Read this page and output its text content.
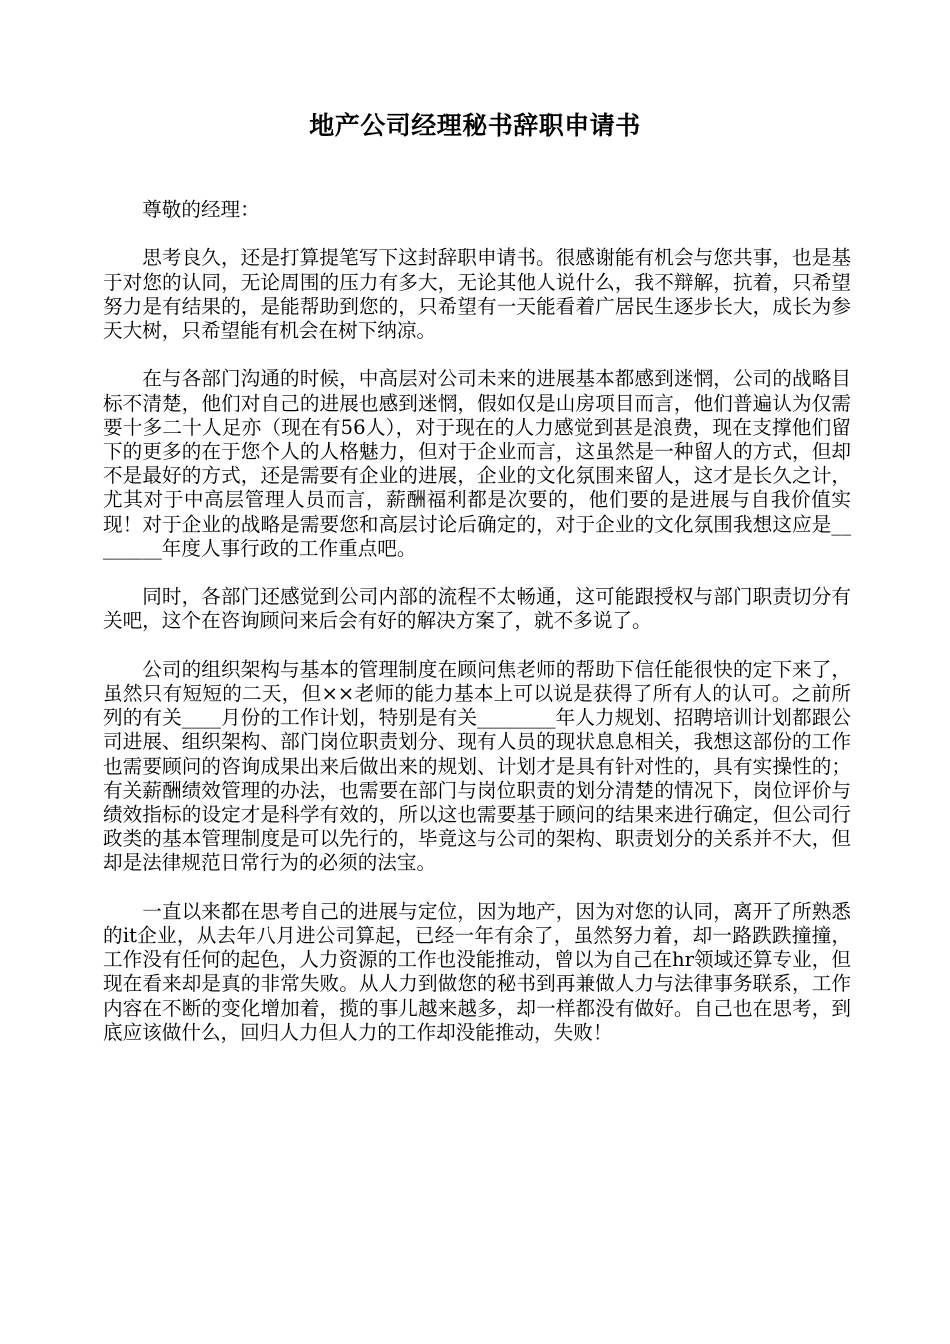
地产公司经理秘书辞职申请书

尊敬的经理：

思考良久，还是打算提笔写下这封辞职申请书。很感谢能有机会与您共事，也是基于对您的认同，无论周围的压力有多大，无论其他人说什么，我不辩解，抗着，只希望努力是有结果的，是能帮助到您的，只希望有一天能看着广居民生逐步长大，成长为参天大树，只希望能有机会在树下纳凉。

在与各部门沟通的时候，中高层对公司未来的进展基本都感到迷惘，公司的战略目标不清楚，他们对自己的进展也感到迷惘，假如仅是山房项目而言，他们普遍认为仅需要十多二十人足亦（现在有56人），对于现在的人力感觉到甚是浪费，现在支撑他们留下的更多的在于您个人的人格魅力，但对于企业而言，这虽然是一种留人的方式，但却不是最好的方式，还是需要有企业的进展，企业的文化氛围来留人，这才是长久之计，尤其对于中高层管理人员而言，薪酬福利都是次要的，他们要的是进展与自我价值实现！对于企业的战略是需要您和高层讨论后确定的，对于企业的文化氛围我想这应是________年度人事行政的工作重点吧。

同时，各部门还感觉到公司内部的流程不太畅通，这可能跟授权与部门职责切分有关吧，这个在咨询顾问来后会有好的解决方案了，就不多说了。

公司的组织架构与基本的管理制度在顾问焦老师的帮助下信任能很快的定下来了，虽然只有短短的二天，但××老师的能力基本上可以说是获得了所有人的认可。之前所列的有关____月份的工作计划，特别是有关________年人力规划、招聘培训计划都跟公司进展、组织架构、部门岗位职责划分、现有人员的现状息息相关，我想这部份的工作也需要顾问的咨询成果出来后做出来的规划、计划才是具有针对性的，具有实操性的；有关薪酬绩效管理的办法，也需要在部门与岗位职责的划分清楚的情况下，岗位评价与绩效指标的设定才是科学有效的，所以这也需要基于顾问的结果来进行确定，但公司行政类的基本管理制度是可以先行的，毕竟这与公司的架构、职责划分的关系并不大，但却是法律规范日常行为的必须的法宝。

一直以来都在思考自己的进展与定位，因为地产，因为对您的认同，离开了所熟悉的it企业，从去年八月进公司算起，已经一年有余了，虽然努力着，却一路跌跌撞撞，工作没有任何的起色，人力资源的工作也没能推动，曾以为自己在hr领域还算专业，但现在看来却是真的非常失败。从人力到做您的秘书到再兼做人力与法律事务联系，工作内容在不断的变化增加着，揽的事儿越来越多，却一样都没有做好。自己也在思考，到底应该做什么，回归人力但人力的工作却没能推动，失败！
